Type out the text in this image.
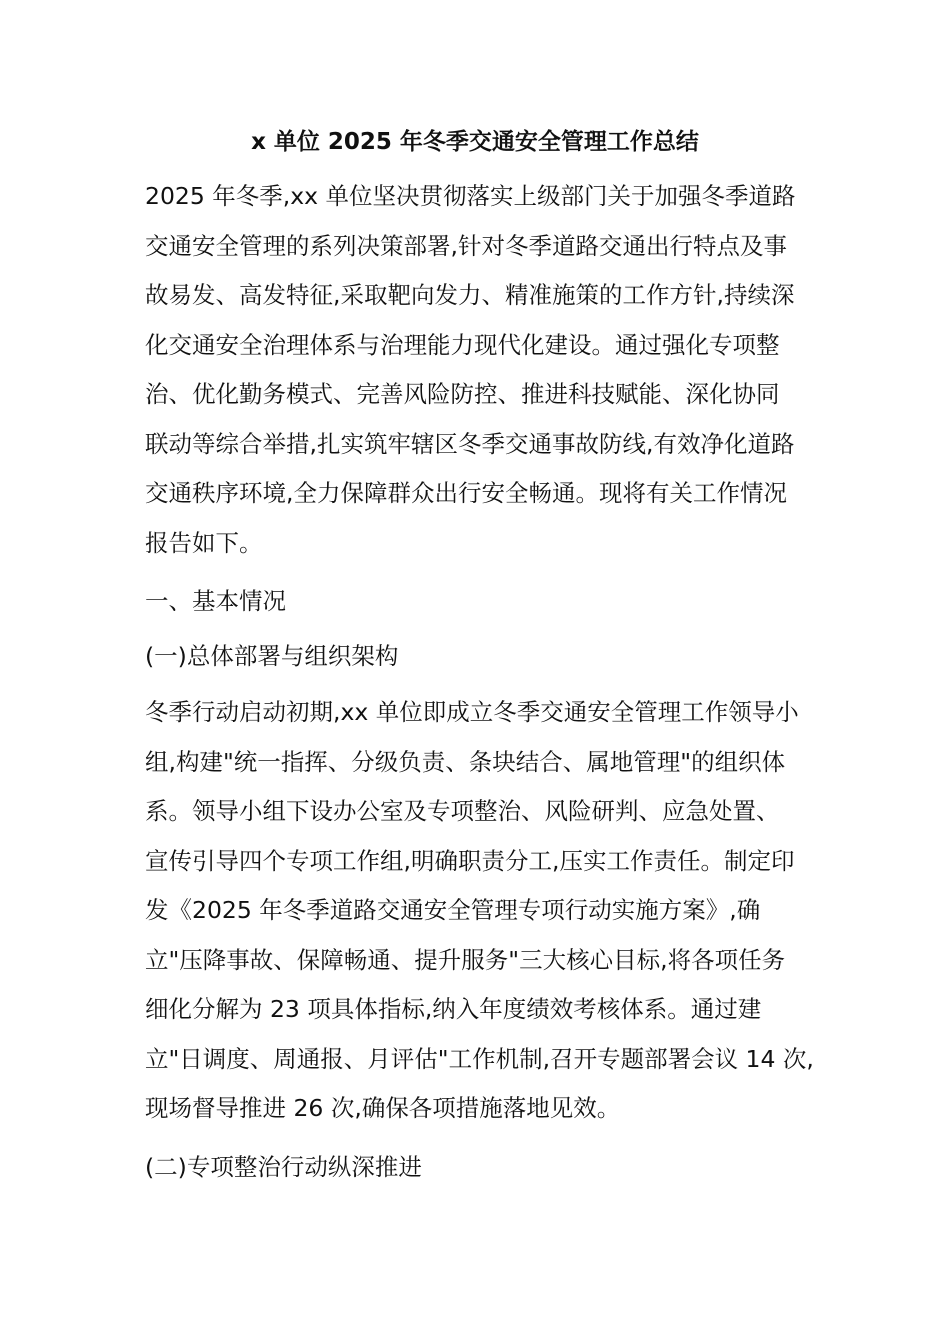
x 单位 2025 年冬季交通安全管理工作总结
2025 年冬季,xx 单位坚决贯彻落实上级部门关于加强冬季道路
交通安全管理的系列决策部署,针对冬季道路交通出行特点及事
故易发、高发特征,采取靶向发力、精准施策的工作方针,持续深
化交通安全治理体系与治理能力现代化建设。通过强化专项整
治、优化勤务模式、完善风险防控、推进科技赋能、深化协同
联动等综合举措,扎实筑牢辖区冬季交通事故防线,有效净化道路
交通秩序环境,全力保障群众出行安全畅通。现将有关工作情况
报告如下。
一、基本情况
(一)总体部署与组织架构
冬季行动启动初期,xx 单位即成立冬季交通安全管理工作领导小
组,构建"统一指挥、分级负责、条块结合、属地管理"的组织体
系。领导小组下设办公室及专项整治、风险研判、应急处置、
宣传引导四个专项工作组,明确职责分工,压实工作责任。制定印
发《2025 年冬季道路交通安全管理专项行动实施方案》,确
立"压降事故、保障畅通、提升服务"三大核心目标,将各项任务
细化分解为 23 项具体指标,纳入年度绩效考核体系。通过建
立"日调度、周通报、月评估"工作机制,召开专题部署会议 14 次,
现场督导推进 26 次,确保各项措施落地见效。
(二)专项整治行动纵深推进
